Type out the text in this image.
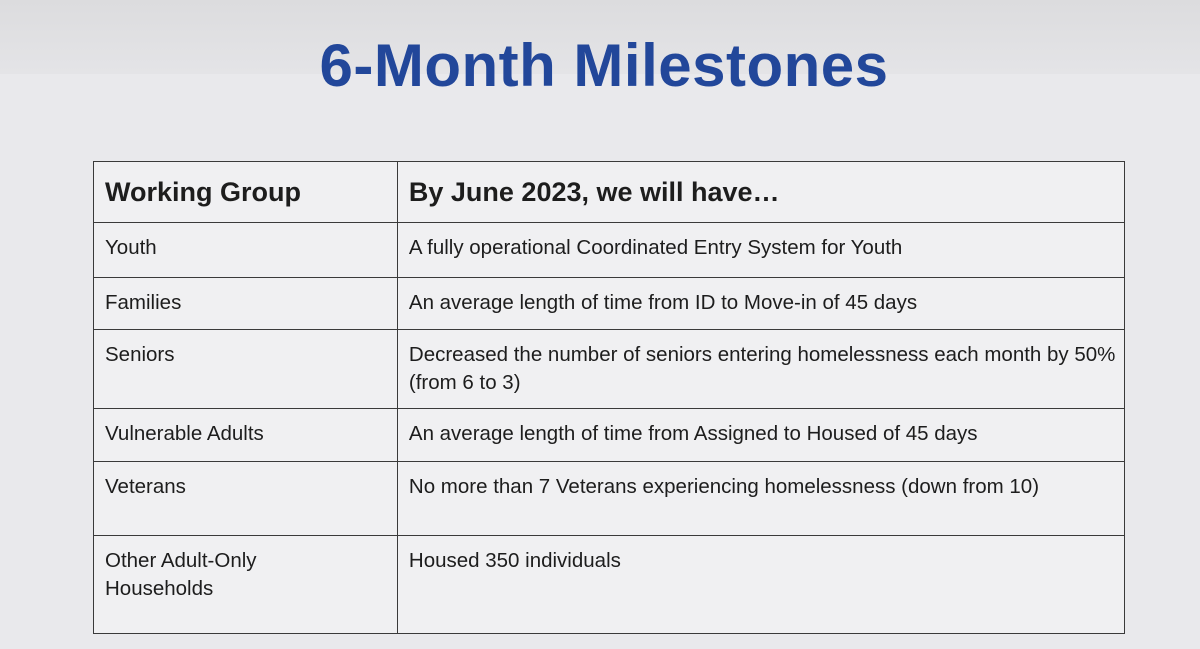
6-Month Milestones
Working Group	By June 2023, we will have…
Youth	A fully operational Coordinated Entry System for Youth
Families	An average length of time from ID to Move-in of 45 days
Seniors	Decreased the number of seniors entering homelessness each month by 50% (from 6 to 3)
Vulnerable Adults	An average length of time from Assigned to Housed of 45 days
Veterans	No more than 7 Veterans experiencing homelessness (down from 10)
Other Adult-Only Households	Housed 350 individuals
